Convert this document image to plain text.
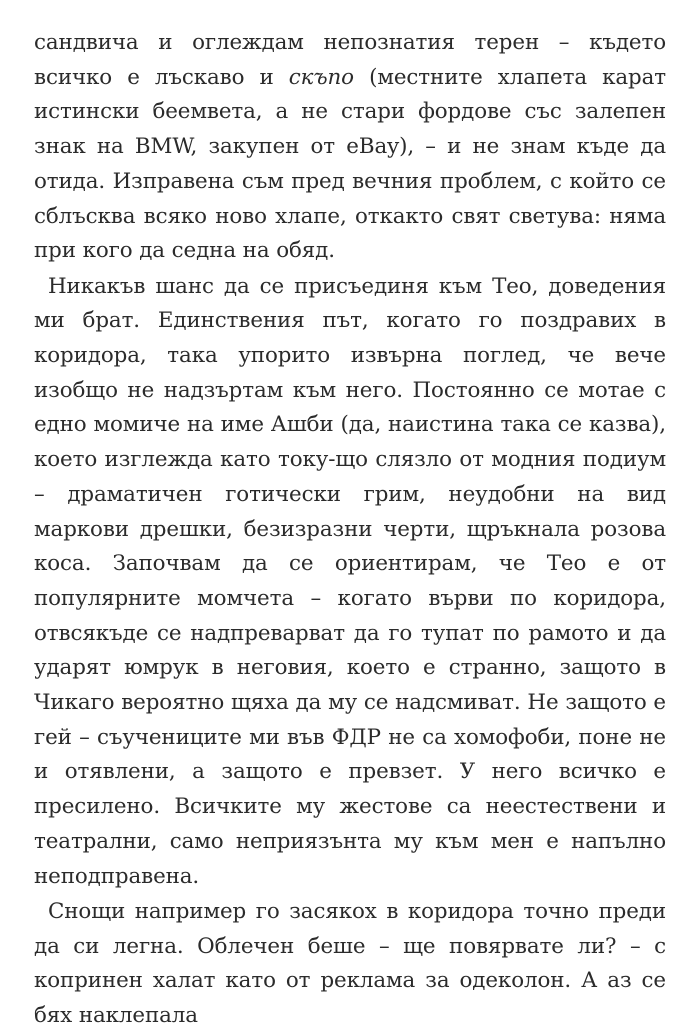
сандвича и оглеждам непознатия терен – където всичко е лъскаво и скъпо (местните хлапета карат истински беемвета, а не стари фордове със залепен знак на BMW, закупен от eBay), – и не знам къде да отида. Изправена съм пред вечния проблем, с който се сблъсква всяко ново хлапе, откакто свят светува: няма при кого да седна на обяд.

Никакъв шанс да се присъединя към Тео, доведения ми брат. Единствения път, когато го поздравих в коридора, така упорито извърна поглед, че вече изобщо не надзъртам към него. Постоянно се мотае с едно момиче на име Ашби (да, наистина така се казва), което изглежда като току-що слязло от модния подиум – драматичен готически грим, неудобни на вид маркови дрешки, безизразни черти, щръкнала розова коса. Започвам да се ориентирам, че Тео е от популярните момчета – когато върви по коридора, отвсякъде се надпреварват да го тупат по рамото и да ударят юмрук в неговия, което е странно, защото в Чикаго вероятно щяха да му се надсмиват. Не защото е гей – съучениците ми във ФДР не са хомофоби, поне не и отявлени, а защото е превзет. У него всичко е пресилено. Всичките му жестове са неестествени и театрални, само неприязънта му към мен е напълно неподправена.

Снощи например го засякох в коридора точно преди да си легна. Облечен беше – ще повярвате ли? – с копринен халат като от реклама за одеколон. А аз се бях наклепала
